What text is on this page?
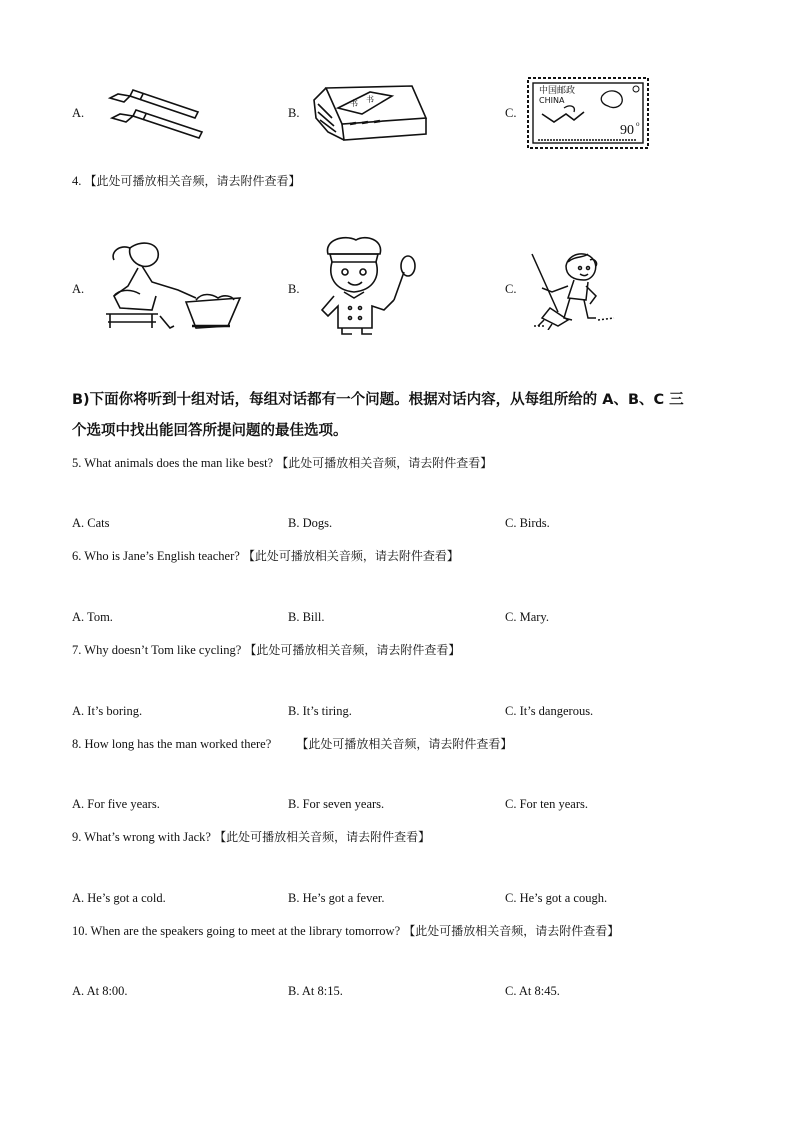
A.	B.
书 书
C.
中国邮政
CHINA
90 o
4. 【此处可播放相关音频，请去附件查看】
A.	B.	C.
B)下面你将听到十组对话，每组对话都有一个问题。根据对话内容，从每组所给的 A、B、C 三
个选项中找出能回答所提问题的最佳选项。
5. What animals does the man like best? 【此处可播放相关音频，请去附件查看】
A. Cats	B. Dogs.	C. Birds.
6. Who is Jane’s English teacher? 【此处可播放相关音频，请去附件查看】
A. Tom.	B. Bill.	C. Mary.
7. Why doesn’t Tom like cycling? 【此处可播放相关音频，请去附件查看】
A. It’s boring.	B. It’s tiring.	C. It’s dangerous.
8. How long has the man worked there? 【此处可播放相关音频，请去附件查看】
A. For five years.	B. For seven years.	C. For ten years.
9. What’s wrong with Jack? 【此处可播放相关音频，请去附件查看】
A. He’s got a cold.	B. He’s got a fever.	C. He’s got a cough.
10. When are the speakers going to meet at the library tomorrow? 【此处可播放相关音频，请去附件查看】
A. At 8:00.	B. At 8:15.	C. At 8:45.
